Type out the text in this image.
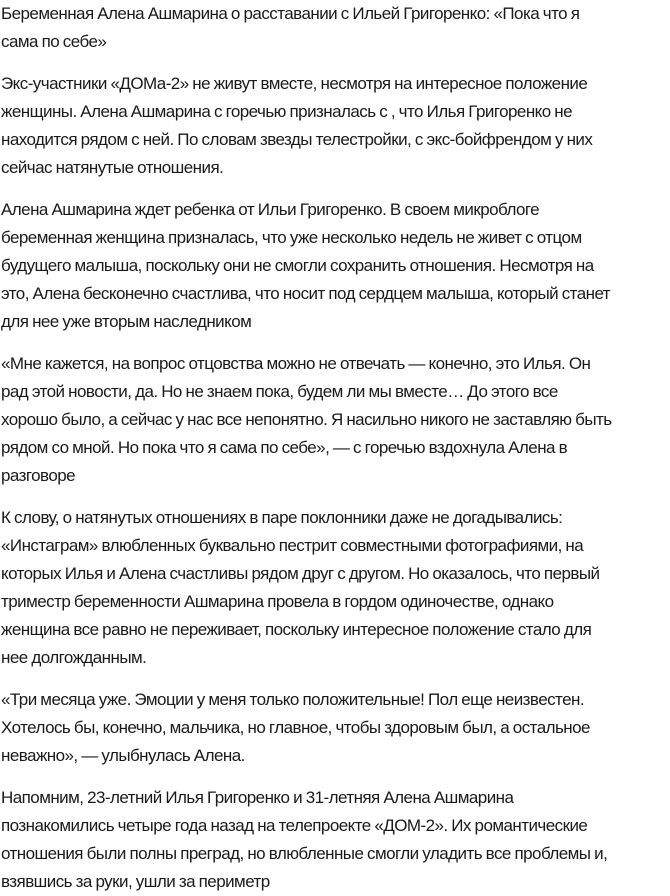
Беременная Алена Ашмарина о расставании с Ильей Григоренко: «Пока что я
сама по себе»

Экс-участники «ДОМа-2» не живут вместе, несмотря на интересное положение
женщины. Алена Ашмарина с горечью призналась с , что Илья Григоренко не
находится рядом с ней. По словам звезды телестройки, с экс-бойфрендом у них
сейчас натянутые отношения.

Алена Ашмарина ждет ребенка от Ильи Григоренко. В своем микроблоге
беременная женщина призналась, что уже несколько недель не живет с отцом
будущего малыша, поскольку они не смогли сохранить отношения. Несмотря на
это, Алена бесконечно счастлива, что носит под сердцем малыша, который станет
для нее уже вторым наследником

«Мне кажется, на вопрос отцовства можно не отвечать — конечно, это Илья. Он
рад этой новости, да. Но не знаем пока, будем ли мы вместе… До этого все
хорошо было, а сейчас у нас все непонятно. Я насильно никого не заставляю быть
рядом со мной. Но пока что я сама по себе», — с горечью вздохнула Алена в
разговоре

К слову, о натянутых отношениях в паре поклонники даже не догадывались:
«Инстаграм» влюбленных буквально пестрит совместными фотографиями, на
которых Илья и Алена счастливы рядом друг с другом. Но оказалось, что первый
триместр беременности Ашмарина провела в гордом одиночестве, однако
женщина все равно не переживает, поскольку интересное положение стало для
нее долгожданным.

«Три месяца уже. Эмоции у меня только положительные! Пол еще неизвестен.
Хотелось бы, конечно, мальчика, но главное, чтобы здоровым был, а остальное
неважно», — улыбнулась Алена.

Напомним, 23-летний Илья Григоренко и 31-летняя Алена Ашмарина
познакомились четыре года назад на телепроекте «ДОМ-2». Их романтические
отношения были полны преград, но влюбленные смогли уладить все проблемы и,
взявшись за руки, ушли за периметр
